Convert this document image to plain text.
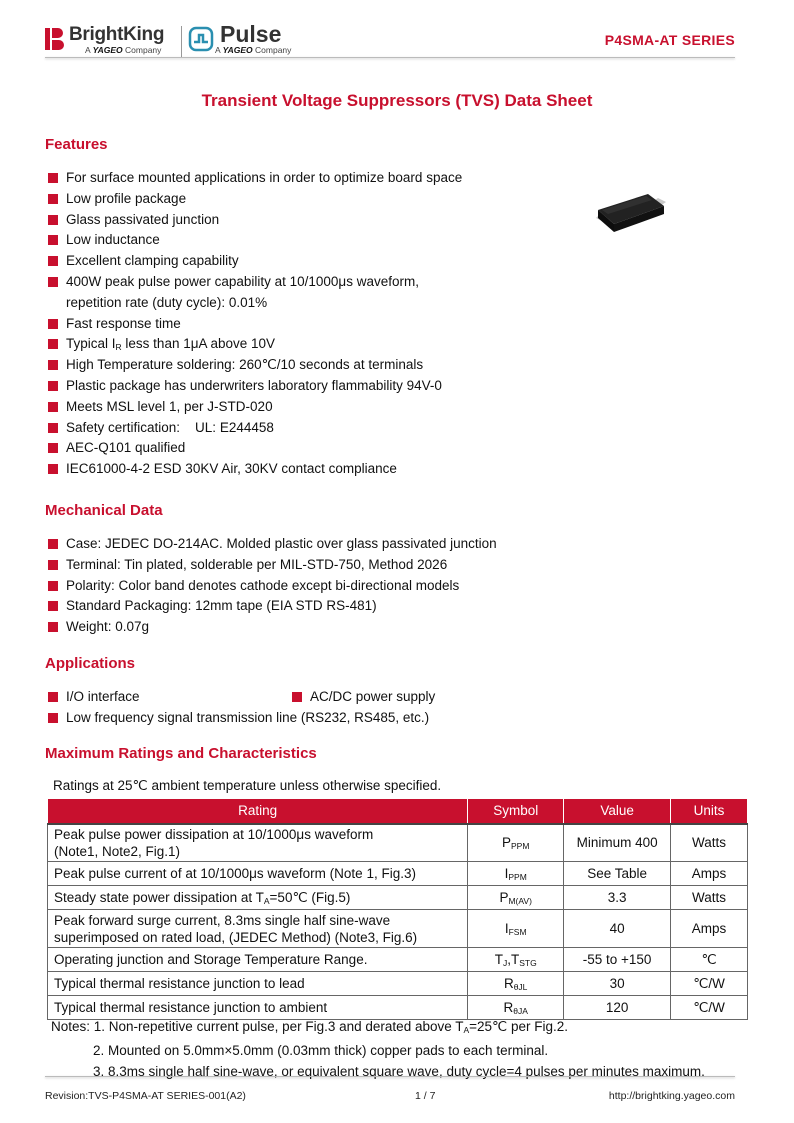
BrightKing
A YAGEO Company
Pulse
A YAGEO Company
P4SMA-AT SERIES
Transient Voltage Suppressors (TVS) Data Sheet
Features
For surface mounted applications in order to optimize board space
Low profile package
Glass passivated junction
Low inductance
Excellent clamping capability
400W peak pulse power capability at 10/1000μs waveform,
repetition rate (duty cycle): 0.01%
Fast response time
Typical $I_R$ less than 1μA above 10V
High Temperature soldering: 260℃/10 seconds at terminals
Plastic package has underwriters laboratory flammability 94V-0
Meets MSL level 1, per J-STD-020
Safety certification:    UL: E244458
AEC-Q101 qualified
IEC61000-4-2 ESD 30KV Air, 30KV contact compliance
Mechanical Data
Case: JEDEC DO-214AC. Molded plastic over glass passivated junction
Terminal: Tin plated, solderable per MIL-STD-750, Method 2026
Polarity: Color band denotes cathode except bi-directional models
Standard Packaging: 12mm tape (EIA STD RS-481)
Weight: 0.07g
Applications
I/O interface	AC/DC power supply
Low frequency signal transmission line (RS232, RS485, etc.)
Maximum Ratings and Characteristics
Ratings at 25℃ ambient temperature unless otherwise specified.
Rating	Symbol	Value	Units

Peak pulse power dissipation at 10/1000μs waveform
(Note1, Note2, Fig.1)	$P_{PPM}$	Minimum 400	Watts
Peak pulse current of at 10/1000μs waveform (Note 1, Fig.3)	$I_{PPM}$	See Table	Amps
Steady state power dissipation at $T_A=50℃$ (Fig.5)	$P_{M(AV)}$	3.3	Watts

Peak forward surge current, 8.3ms single half sine-wave
superimposed on rated load, (JEDEC Method) (Note3, Fig.6)	$I_{FSM}$	40	Amps
Operating junction and Storage Temperature Range.	$T_J,T_{STG}$	-55 to +150	℃
Typical thermal resistance junction to lead	$R_{\theta JL}$	30	℃/W
Typical thermal resistance junction to ambient	$R_{\theta JA}$	120	℃/W
Notes: 1. Non-repetitive current pulse, per Fig.3 and derated above $T_A=25℃$ per Fig.2.
2. Mounted on 5.0mm×5.0mm (0.03mm thick) copper pads to each terminal.
3. 8.3ms single half sine-wave, or equivalent square wave, duty cycle=4 pulses per minutes maximum.
Revision:TVS-P4SMA-AT SERIES-001(A2)	1 / 7	http://brightking.yageo.com
